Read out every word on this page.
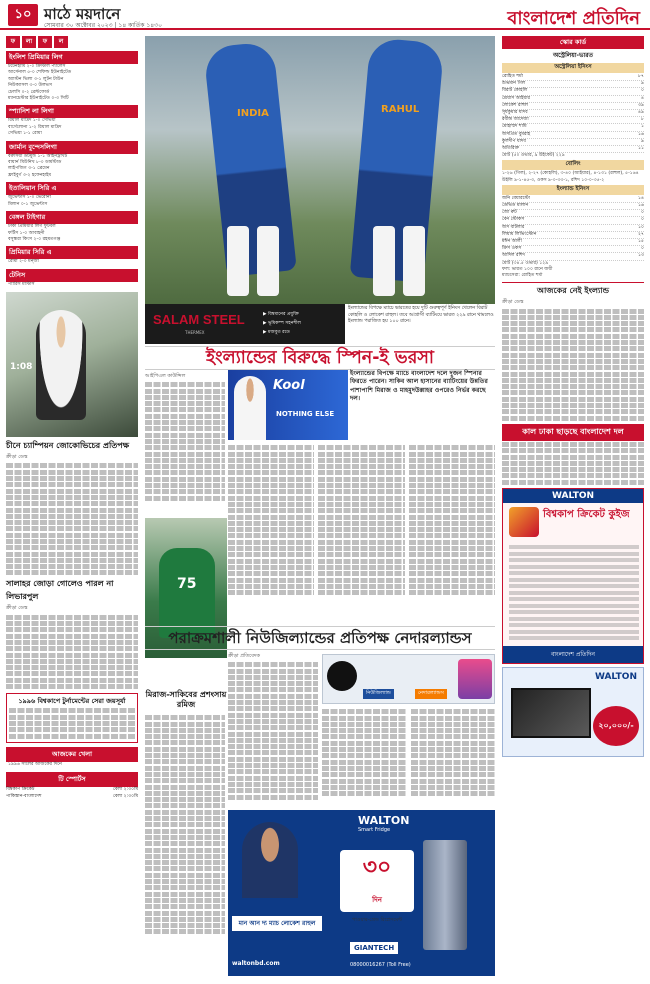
১০ মাঠে ময়দানে
সোমবার ৩০ অক্টোবর ২০২৩ | ১৪ কার্তিক ১৪৩০	বাংলাদেশ প্রতিদিন
ফ	লা	ফ	ল
ইংলিশ প্রিমিয়ার লিগ
টটেনহ্যাম ২-০ ক্রিস্টাল প্যালেস
আর্সেনাল ৫-০ শেফিল্ড ইউনাইটেড
অ্যাস্টন ভিলা ৩-১ লুটন টাউন
নিউক্যাসল ৩-০ উলভস
চেলসি ০-২ ব্রেন্টফোর্ড
ম্যানচেস্টার ইউনাইটেড ০-৩ সিটি
স্প্যানিশ লা লিগা
রিয়াল মাদ্রিদ ১-০ সেভিয়া
বার্সেলোনা ১-২ রিয়াল মাদ্রিদ
সেভিয়া ১-১ রোমা
জার্মান বুন্দেসলিগা
বরুসিয়া ডর্টমুন্ড ১-১ আইনট্রাখট
বায়ার্ন মিউনিখ ৮-০ ডার্মস্টাড
লাইপজিগ ৩-১ ব্রেমেন
ফ্রাইবুর্গ ৩-২ হফেনহাইম
ইতালিয়ান সিরি এ
জুভেন্টাস ১-০ ভেরোনা
মিলান ০-১ জুভেন্টাস
বেঙ্গল টাইগার
ঢাকা প্রিমিয়ার লিগ ফুটবল
ফর্টিস ১-০ আবাহনী
বসুন্ধরা কিংস ২-০ রহমতগঞ্জ
প্রিমিয়ার সিরি এ
রোমা ২-০ মন্জা
টেনিস
প্যারিস মাস্টার্স
1:08
চীনে চ্যাম্পিয়ন জোকোভিচের প্রতিপক্ষ
ক্রীড়া ডেস্ক
সালাহর জোড়া গোলেও পারল না লিভারপুল
ক্রীড়া ডেস্ক
১৯৯৬ বিশ্বকাপে টুর্নামেন্টের সেরা জয়সূর্যা
আজকের খেলা
১৯৯৬ সালের আজকের দিনে
টি স্পোর্টস
বিশ্বকাপ ক্রিকেট	বেলা ২:৩০মি
পাকিস্তান-বাংলাদেশ	বেলা ২:৩০মি
INDIA	RAHUL
SALAM STEEL
THERMEX
▶ বিশ্বমানের প্রযুক্তি
▶ ভূমিকম্প সহনশীল
▶ মজবুত রডে
ইংল্যান্ডের বিপক্ষে ম্যাচে ভারতের হয়ে দুটি গুরুত্বপূর্ণ ইনিংস খেলেন বিরাট কোহলি ও লোকেশ রাহুল। তবে আগ্রাসী ব্যাটিংয়ে ভারত ২২৯ রানে থামলেও ইংল্যান্ড পরাজিত হয় ১০০ রানে।
ইংল্যান্ডের বিরুদ্ধে স্পিন-ই ভরসা
আইপিএল কাউন্সিল
Kool
NOTHING ELSE
ইংল্যান্ডের বিপক্ষে ম্যাচে বাংলাদেশ দলে দুজন স্পিনার ফিরতে পারেন। সাকিব আল হাসানের ব্যাটিংয়ের উন্নতির পাশাপাশি মিরাজ ও মাহমুদউল্লাহর ওপরেও নির্ভর করছে দল।
75
পরাক্রমশালী নিউজিল্যান্ডের প্রতিপক্ষ নেদারল্যান্ডস
মিরাজ-সাকিবের প্রশংসায় রমিজ
ক্রীড়া প্রতিবেদক
নিউজিল্যান্ড	নেদারল্যান্ডস
WALTON
Smart Fridge
৩০
দিন
পাওয়ার-গ্রেড রিপ্লেসমেন্ট
মান আন দ্য ম্যাচ লোকেশ রাহুল
GIANTECH
08000016267 (Toll Free)
waltonbd.com
স্কোর কার্ড
অস্ট্রেলিয়া-ভারত
অস্ট্রেলিয়া ইনিংস
রোহিত শর্মা	৮৭
শুভমান গিল	৯
বিরাট কোহলি	০
শ্রেয়াস আইয়ার	৪
লোকেশ রাহুল	৩৯
সূর্যকুমার যাদব	৪৯
রবীন্দ্র জাদেজা	৮
মোহাম্মদ শামি	১
জসপ্রিত বুমরাহ	১৬
কুলদীপ যাদব	৯
অতিরিক্ত	১১
মোট (৫০ ওভার, ৯ উইকেট) ২২৯
বোলিং
১-২৬ (গিল), ২-২৭ (কোহলি), ৩-৪০ (আইয়ার), ৪-১৩১ (রাহুল), ৫-১৬৪
উইলি ৯-১-৪৫-৩, ওকস ৯-০-৩৩-১, রশিদ ১০-০-৩৫-২
ইংল্যান্ড ইনিংস
জনি বেয়ারস্টো	১৪
ডেভিড মালান	১৬
জো রুট	০
বেন স্টোকস	০
জস বাটলার	১০
লিয়াম লিভিংস্টোন	২৭
মঈন আলী	১৫
ক্রিস ওকস	০
আদিল রশিদ	১৩
মোট (৩৪.৫ ওভার) ১২৯
ফল: ভারত ১০০ রানে জয়ী
ম্যাচসেরা: রোহিত শর্মা
আজকের নেই ইংল্যান্ড
ক্রীড়া ডেস্ক
কাল ঢাকা ছাড়ছে বাংলাদেশ দল
WALTON
বিশ্বকাপ ক্রিকেট কুইজ
বাংলাদেশ প্রতিদিন
WALTON
২০,০০০/-
